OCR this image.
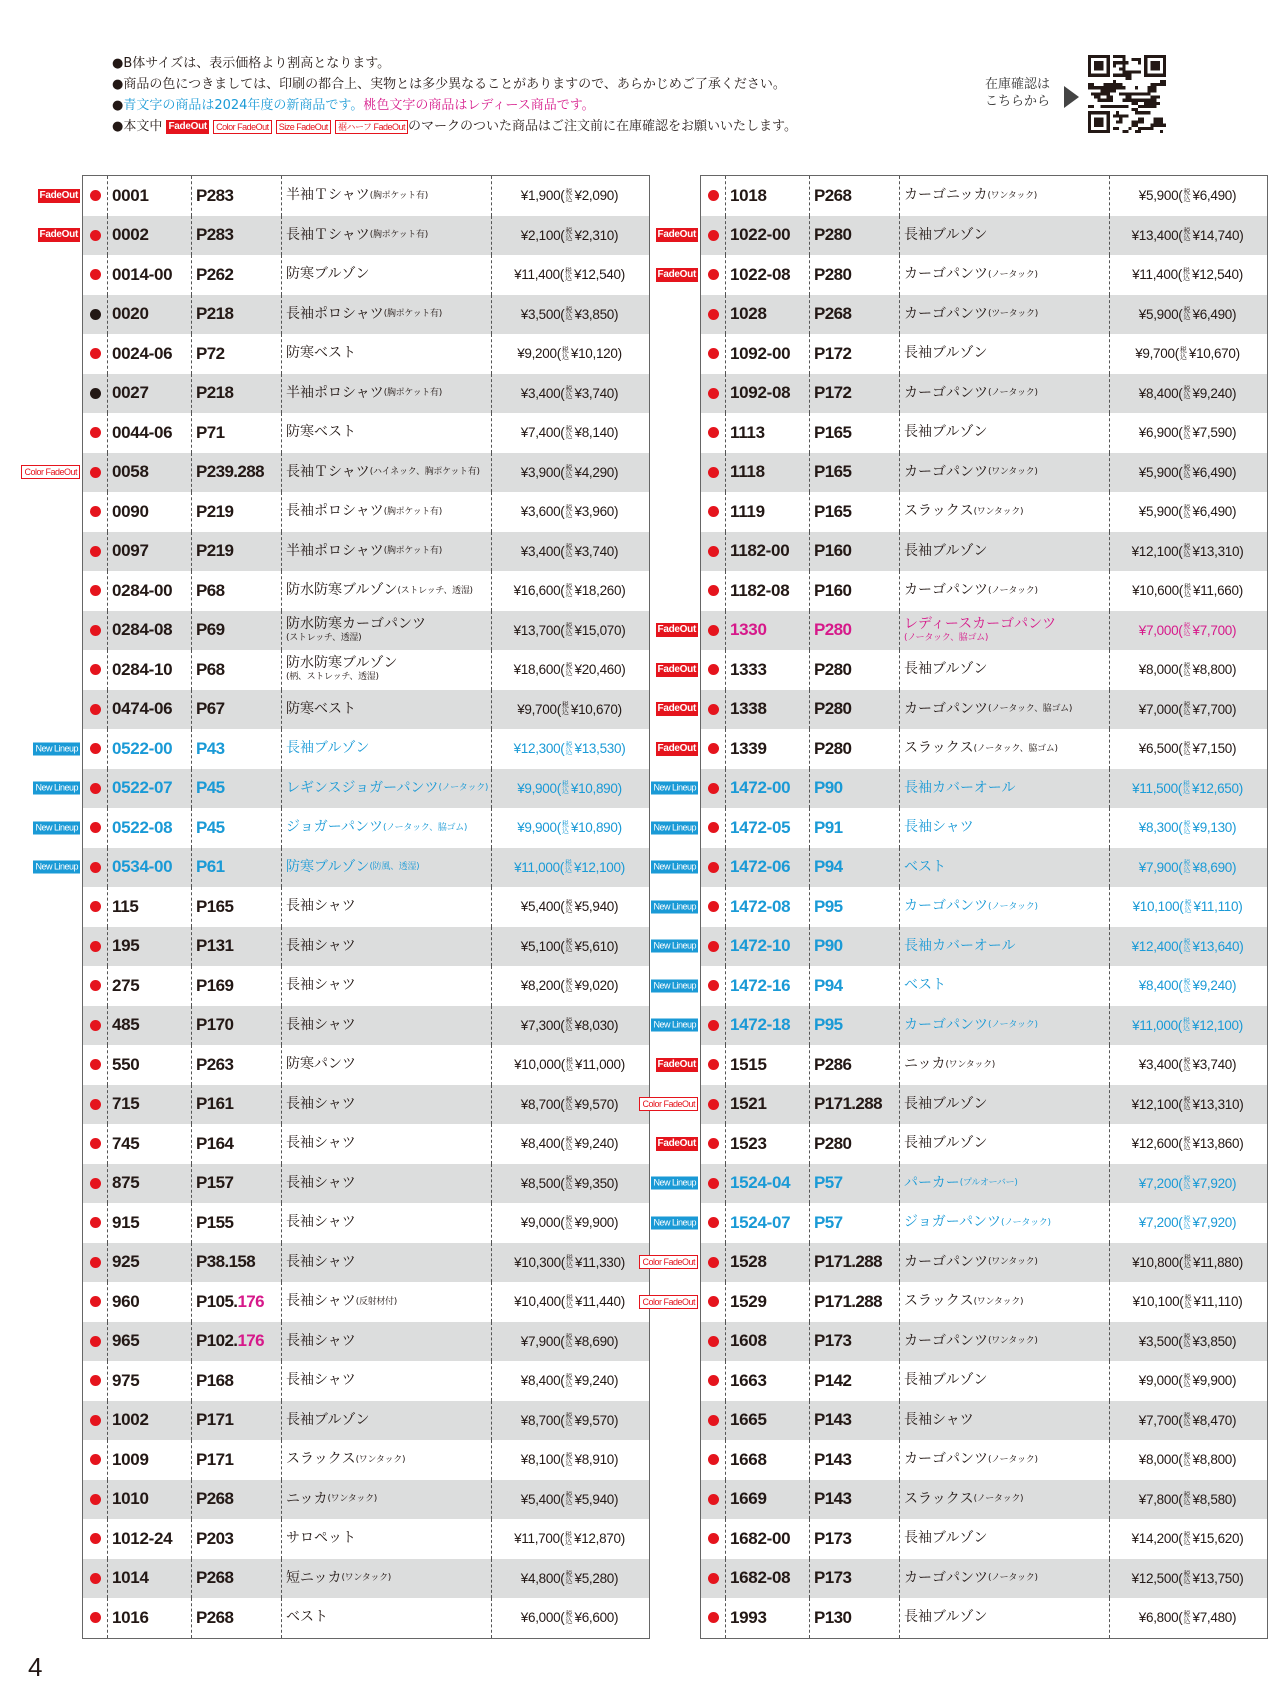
●B体サイズは、表示価格より割高となります。
●商品の色につきましては、印刷の都合上、実物とは多少異なることがありますので、あらかじめご了承ください。
●青文字の商品は2024年度の新商品です。桃色文字の商品はレディース商品です。
●本文中 FadeOut Color FadeOut Size FadeOut 裾ハーフ FadeOut のマークのついた商品はご注文前に在庫確認をお願いいたします。
在庫確認は
こちらから
FadeOut 0001	P283	半袖Ｔシャツ (胸ポケット有)	¥1,900 ( 税込 ¥2,090 )
FadeOut 0002	P283	長袖Ｔシャツ (胸ポケット有)	¥2,100 ( 税込 ¥2,310 )
0014-00	P262	防寒ブルゾン	¥11,400 ( 税込 ¥12,540 )
0020	P218	長袖ポロシャツ (胸ポケット有)	¥3,500 ( 税込 ¥3,850 )
0024-06	P72	防寒ベスト	¥9,200 ( 税込 ¥10,120 )
0027	P218	半袖ポロシャツ (胸ポケット有)	¥3,400 ( 税込 ¥3,740 )
0044-06	P71	防寒ベスト	¥7,400 ( 税込 ¥8,140 )
Color FadeOut 0058	P239.288 長袖Ｔシャツ (ハイネック、胸ポケット有)	¥3,900 ( 税込 ¥4,290 )
0090	P219	長袖ポロシャツ (胸ポケット有)	¥3,600 ( 税込 ¥3,960 )
0097	P219	半袖ポロシャツ (胸ポケット有)	¥3,400 ( 税込 ¥3,740 )
0284-00	P68	防水防寒ブルゾン (ストレッチ、透湿)	¥16,600 ( 税込 ¥18,260 )
0284-08	P69	防水防寒カーゴパンツ
(ストレッチ、透湿)	¥13,700 ( 税込 ¥15,070 )
0284-10	P68	防水防寒ブルゾン
(柄、ストレッチ、透湿)	¥18,600 ( 税込 ¥20,460 )
0474-06	P67	防寒ベスト	¥9,700 ( 税込 ¥10,670 )
New Lineup 0522-00	P43	長袖ブルゾン	¥12,300 ( 税込 ¥13,530 )
New Lineup 0522-07	P45	レギンスジョガーパンツ (ノータック) ¥9,900 ( 税込 ¥10,890 )
New Lineup 0522-08	P45	ジョガーパンツ (ノータック、脇ゴム)	¥9,900 ( 税込 ¥10,890 )
New Lineup 0534-00	P61	防寒ブルゾン (防風、透湿)	¥11,000 ( 税込 ¥12,100 )
115	P165	長袖シャツ	¥5,400 ( 税込 ¥5,940 )
195	P131	長袖シャツ	¥5,100 ( 税込 ¥5,610 )
275	P169	長袖シャツ	¥8,200 ( 税込 ¥9,020 )
485	P170	長袖シャツ	¥7,300 ( 税込 ¥8,030 )
550	P263	防寒パンツ	¥10,000 ( 税込 ¥11,000 )
715	P161	長袖シャツ	¥8,700 ( 税込 ¥9,570 )
745	P164	長袖シャツ	¥8,400 ( 税込 ¥9,240 )
875	P157	長袖シャツ	¥8,500 ( 税込 ¥9,350 )
915	P155	長袖シャツ	¥9,000 ( 税込 ¥9,900 )
925	P38.158 長袖シャツ	¥10,300 ( 税込 ¥11,330 )
960	P105. 176 長袖シャツ (反射材付)	¥10,400 ( 税込 ¥11,440 )
965	P102. 176 長袖シャツ	¥7,900 ( 税込 ¥8,690 )
975	P168	長袖シャツ	¥8,400 ( 税込 ¥9,240 )
1002	P171	長袖ブルゾン	¥8,700 ( 税込 ¥9,570 )
1009	P171	スラックス (ワンタック)	¥8,100 ( 税込 ¥8,910 )
1010	P268	ニッカ (ワンタック)	¥5,400 ( 税込 ¥5,940 )
1012-24	P203	サロペット	¥11,700 ( 税込 ¥12,870 )
1014	P268	短ニッカ (ワンタック)	¥4,800 ( 税込 ¥5,280 )
1016	P268	ベスト	¥6,000 ( 税込 ¥6,600 )
1018	P268	カーゴニッカ (ワンタック)	¥5,900 ( 税込 ¥6,490 )
FadeOut 1022-00	P280	長袖ブルゾン	¥13,400 ( 税込 ¥14,740 )
FadeOut 1022-08	P280	カーゴパンツ (ノータック)	¥11,400 ( 税込 ¥12,540 )
1028	P268	カーゴパンツ (ツータック)	¥5,900 ( 税込 ¥6,490 )
1092-00	P172	長袖ブルゾン	¥9,700 ( 税込 ¥10,670 )
1092-08	P172	カーゴパンツ (ノータック)	¥8,400 ( 税込 ¥9,240 )
1113	P165	長袖ブルゾン	¥6,900 ( 税込 ¥7,590 )
1118	P165	カーゴパンツ (ワンタック)	¥5,900 ( 税込 ¥6,490 )
1119	P165	スラックス (ワンタック)	¥5,900 ( 税込 ¥6,490 )
1182-00	P160	長袖ブルゾン	¥12,100 ( 税込 ¥13,310 )
1182-08	P160	カーゴパンツ (ノータック)	¥10,600 ( 税込 ¥11,660 )
FadeOut 1330	P280	レディースカーゴパンツ
(ノータック、脇ゴム)	¥7,000 ( 税込 ¥7,700 )
FadeOut 1333	P280	長袖ブルゾン	¥8,000 ( 税込 ¥8,800 )
FadeOut 1338	P280	カーゴパンツ (ノータック、脇ゴム)	¥7,000 ( 税込 ¥7,700 )
FadeOut 1339	P280	スラックス (ノータック、脇ゴム)	¥6,500 ( 税込 ¥7,150 )
New Lineup 1472-00	P90	長袖カバーオール	¥11,500 ( 税込 ¥12,650 )
New Lineup 1472-05	P91	長袖シャツ	¥8,300 ( 税込 ¥9,130 )
New Lineup 1472-06	P94	ベスト	¥7,900 ( 税込 ¥8,690 )
New Lineup 1472-08	P95	カーゴパンツ (ノータック)	¥10,100 ( 税込 ¥11,110 )
New Lineup 1472-10	P90	長袖カバーオール	¥12,400 ( 税込 ¥13,640 )
New Lineup 1472-16	P94	ベスト	¥8,400 ( 税込 ¥9,240 )
New Lineup 1472-18	P95	カーゴパンツ (ノータック)	¥11,000 ( 税込 ¥12,100 )
FadeOut 1515	P286	ニッカ (ワンタック)	¥3,400 ( 税込 ¥3,740 )
Color FadeOut 1521	P171.288 長袖ブルゾン	¥12,100 ( 税込 ¥13,310 )
FadeOut 1523	P280	長袖ブルゾン	¥12,600 ( 税込 ¥13,860 )
New Lineup 1524-04	P57	パーカー (プルオーバー)	¥7,200 ( 税込 ¥7,920 )
New Lineup 1524-07	P57	ジョガーパンツ (ノータック)	¥7,200 ( 税込 ¥7,920 )
Color FadeOut 1528	P171.288 カーゴパンツ (ワンタック)	¥10,800 ( 税込 ¥11,880 )
Color FadeOut 1529	P171.288 スラックス (ワンタック)	¥10,100 ( 税込 ¥11,110 )
1608	P173	カーゴパンツ (ワンタック)	¥3,500 ( 税込 ¥3,850 )
1663	P142	長袖ブルゾン	¥9,000 ( 税込 ¥9,900 )
1665	P143	長袖シャツ	¥7,700 ( 税込 ¥8,470 )
1668	P143	カーゴパンツ (ノータック)	¥8,000 ( 税込 ¥8,800 )
1669	P143	スラックス (ノータック)	¥7,800 ( 税込 ¥8,580 )
1682-00	P173	長袖ブルゾン	¥14,200 ( 税込 ¥15,620 )
1682-08	P173	カーゴパンツ (ノータック)	¥12,500 ( 税込 ¥13,750 )
1993	P130	長袖ブルゾン	¥6,800 ( 税込 ¥7,480 )
4
